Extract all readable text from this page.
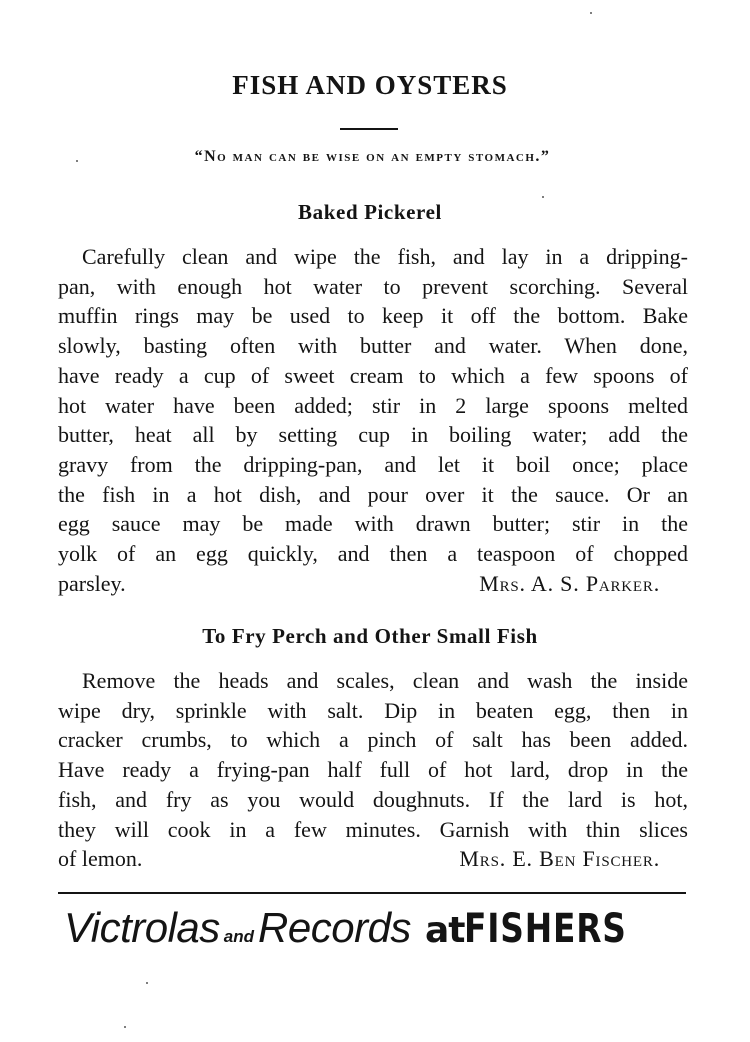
FISH AND OYSTERS
“No man can be wise on an empty stomach.”
Baked Pickerel
Carefully clean and wipe the fish, and lay in a dripping-
pan, with enough hot water to prevent scorching. Several
muffin rings may be used to keep it off the bottom. Bake
slowly, basting often with butter and water. When done,
have ready a cup of sweet cream to which a few spoons of
hot water have been added; stir in 2 large spoons melted
butter, heat all by setting cup in boiling water; add the
gravy from the dripping-pan, and let it boil once; place
the fish in a hot dish, and pour over it the sauce. Or an
egg sauce may be made with drawn butter; stir in the
yolk of an egg quickly, and then a teaspoon of chopped
parsley.	Mrs. A. S. Parker.
To Fry Perch and Other Small Fish
Remove the heads and scales, clean and wash the inside
wipe dry, sprinkle with salt. Dip in beaten egg, then in
cracker crumbs, to which a pinch of salt has been added.
Have ready a frying-pan half full of hot lard, drop in the
fish, and fry as you would doughnuts. If the lard is hot,
they will cook in a few minutes. Garnish with thin slices
of lemon.	Mrs. E. Ben Fischer.
Victrolas and Records at FISHERS
